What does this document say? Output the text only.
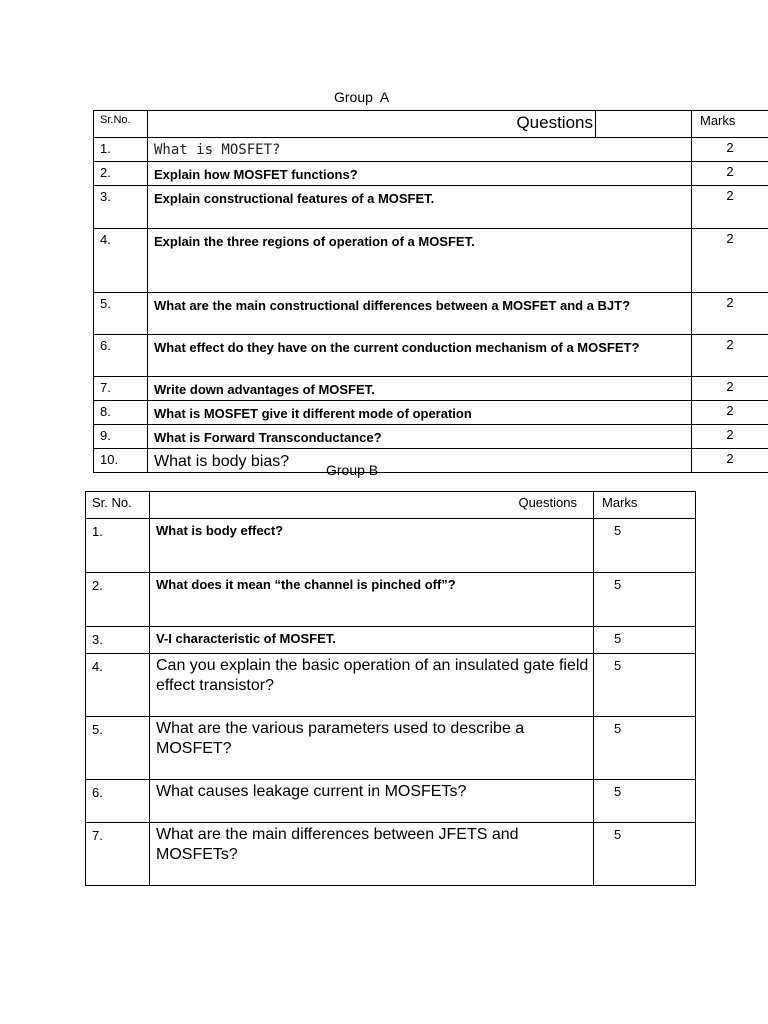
Group  A
Sr.No.	Questions		Marks
1.	What is MOSFET?		2
2.	Explain how MOSFET functions?		2
3.	Explain constructional features of a MOSFET.		2
4.	Explain the three regions of operation of a MOSFET.		2
5.	What are the main constructional differences between a MOSFET and a BJT?		2
6.	What effect do they have on the current conduction mechanism of a MOSFET?		2
7.	Write down advantages of MOSFET.		2
8.	What is MOSFET give it different mode of operation		2
9.	What is Forward Transconductance?		2
10.	What is body bias?		2
Group B
Sr. No.	Questions	Marks
1.	What is body effect?	5
2.	What does it mean “the channel is pinched off”?	5
3.	V-I characteristic of MOSFET.	5
4.	Can you explain the basic operation of an insulated gate field effect transistor?	5
5.	What are the various parameters used to describe a MOSFET?	5
6.	What causes leakage current in MOSFETs?	5
7.	What are the main differences between JFETS and MOSFETs?	5
